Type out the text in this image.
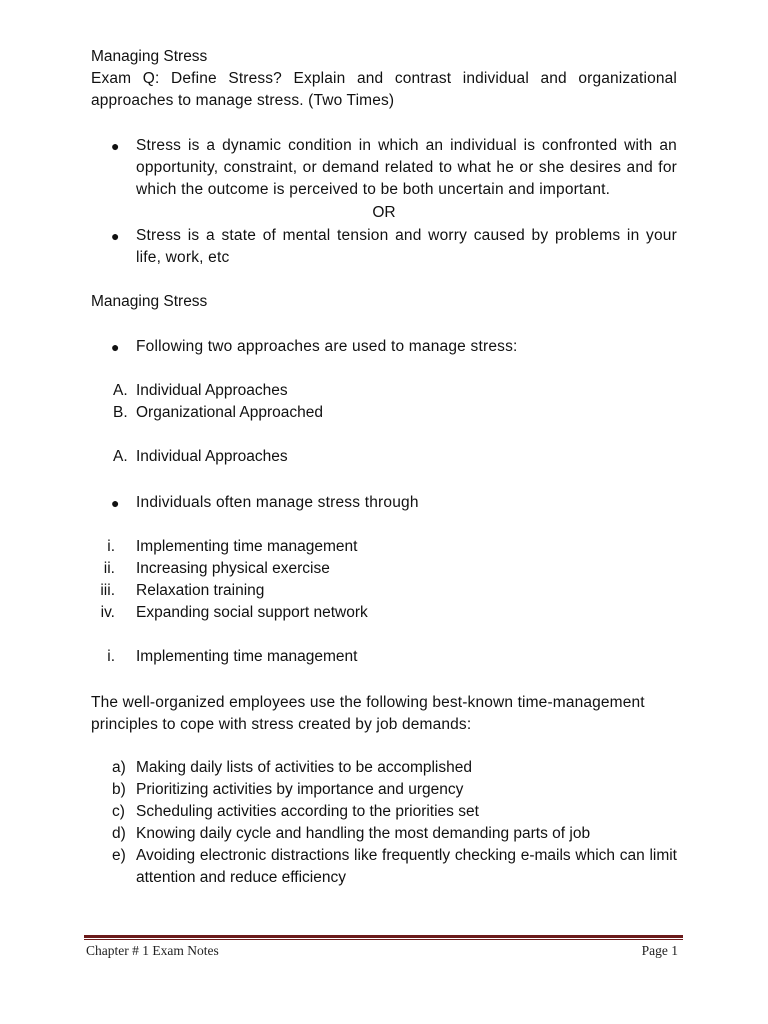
Managing Stress
Exam Q: Define Stress? Explain and contrast individual and organizational approaches to manage stress. (Two Times)
● Stress is a dynamic condition in which an individual is confronted with an opportunity, constraint, or demand related to what he or she desires and for which the outcome is perceived to be both uncertain and important.
OR
● Stress is a state of mental tension and worry caused by problems in your life, work, etc
Managing Stress
● Following two approaches are used to manage stress:
A. Individual Approaches
B. Organizational Approached
A. Individual Approaches
● Individuals often manage stress through
i. Implementing time management
ii. Increasing physical exercise
iii. Relaxation training
iv. Expanding social support network
i. Implementing time management
The well-organized employees use the following best-known time-management principles to cope with stress created by job demands:
a) Making daily lists of activities to be accomplished
b) Prioritizing activities by importance and urgency
c) Scheduling activities according to the priorities set
d) Knowing daily cycle and handling the most demanding parts of job
e) Avoiding electronic distractions like frequently checking e-mails which can limit attention and reduce efficiency
Chapter # 1 Exam Notes	Page 1
